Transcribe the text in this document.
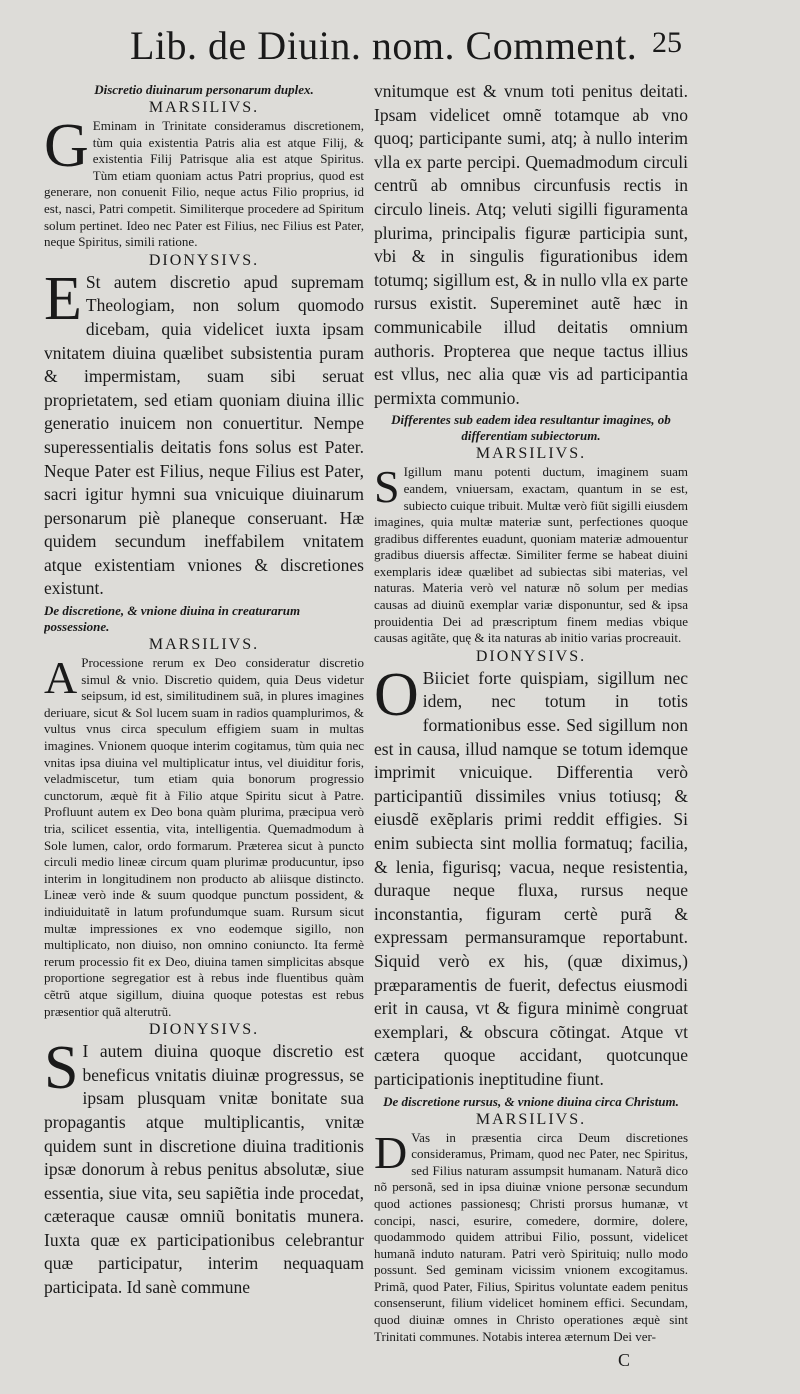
Lib. de Diuin. nom. Comment. 25

Discretio diuinarum personarum duplex.

MARSILIVS.

G Eminam in Trinitate consideramus discretionem, tùm quia existentia Patris alia est atque Filij, & existentia Filij Patrisque alia est atque Spiritus. Tùm etiam quoniam actus Patri proprius, quod est generare, non conuenit Filio, neque actus Filio proprius, id est, nasci, Patri competit. Similiterque procedere ad Spiritum solum pertinet. Ideo nec Pater est Filius, nec Filius est Pater, neque Spiritus, simili ratione.

DIONYSIVS.

E St autem discretio apud supremam Theologiam, non solum quomodo dicebam, quia videlicet iuxta ipsam vnitatem diuina quælibet subsistentia puram & impermistam, suam sibi seruat proprietatem, sed etiam quoniam diuina illic generatio inuicem non conuertitur. Nempe superessentialis deitatis fons solus est Pater. Neque Pater est Filius, neque Filius est Pater, sacri igitur hymni sua vnicuique diuinarum personarum piè planeque conseruant. Hæ quidem secundum ineffabilem vnitatem atque existentiam vniones & discretiones existunt.

De discretione, & vnione diuina in creaturarum possessione.

MARSILIVS.

A Processione rerum ex Deo consideratur discretio simul & vnio. Discretio quidem, quia Deus videtur seipsum, id est, similitudinem suã, in plures imagines deriuare, sicut & Sol lucem suam in radios quamplurimos, & vultus vnus circa speculum effigiem suam in multas imagines. Vnionem quoque interim cogitamus, tùm quia nec vnitas ipsa diuina vel multiplicatur intus, vel diuiditur foris, veladmiscetur, tum etiam quia bonorum progressio cunctorum, æquè fit à Filio atque Spiritu sicut à Patre. Profluunt autem ex Deo bona quàm plurima, præcipua verò tria, scilicet essentia, vita, intelligentia. Quemadmodum à Sole lumen, calor, ordo formarum. Præterea sicut à puncto circuli medio lineæ circum quam plurimæ producuntur, ipso interim in longitudinem non producto ab aliisque distincto. Lineæ verò inde & suum quodque punctum possident, & indiuiduitatẽ in latum profundumque suam. Rursum sicut multæ impressiones ex vno eodemque sigillo, non multiplicato, non diuiso, non omnino coniuncto. Ita fermè rerum processio fit ex Deo, diuina tamen simplicitas absque proportione segregatior est à rebus inde fluentibus quàm cẽtrũ atque sigillum, diuina quoque potestas est rebus præsentior quã alterutrũ.

DIONYSIVS.

S I autem diuina quoque discretio est beneficus vnitatis diuinæ progressus, se ipsam plusquam vnitæ bonitate sua propagantis atque multiplicantis, vnitæ quidem sunt in discretione diuina traditionis ipsæ donorum à rebus penitus absolutæ, siue essentia, siue vita, seu sapiẽtia inde procedat, cæteraque causæ omniũ bonitatis munera. Iuxta quæ ex participationibus celebrantur quæ participatur, interim nequaquam participata. Id sanè commune

vnitumque est & vnum toti penitus deitati. Ipsam videlicet omnẽ totamque ab vno quoq; participante sumi, atq; à nullo interim vlla ex parte percipi. Quemadmodum circuli centrũ ab omnibus circunfusis rectis in circulo lineis. Atq; veluti sigilli figuramenta plurima, principalis figuræ participia sunt, vbi & in singulis figurationibus idem totumq; sigillum est, & in nullo vlla ex parte rursus existit. Supereminet autẽ hæc in communicabile illud deitatis omnium authoris. Propterea que neque tactus illius est vllus, nec alia quæ vis ad participantia permixta communio.

Differentes sub eadem idea resultantur imagines, ob differentiam subiectorum.

MARSILIVS.

S Igillum manu potenti ductum, imaginem suam eandem, vniuersam, exactam, quantum in se est, subiecto cuique tribuit. Multæ verò fiũt sigilli eiusdem imagines, quia multæ materiæ sunt, perfectiones quoque gradibus differentes euadunt, quoniam materiæ admouentur gradibus diuersis affectæ. Similiter ferme se habeat diuini exemplaris ideæ quælibet ad subiectas sibi materias, vel naturas. Materia verò vel naturæ nõ solum per medias causas ad diuinũ exemplar variæ disponuntur, sed & ipsa prouidentia Dei ad præscriptum finem medias vbique causas agitãte, quę & ita naturas ab initio varias procreauit.

DIONYSIVS.

O Biiciet forte quispiam, sigillum nec idem, nec totum in totis formationibus esse. Sed sigillum non est in causa, illud namque se totum idemque imprimit vnicuique. Differentia verò participantiũ dissimiles vnius totiusq; & eiusdẽ exẽplaris primi reddit effigies. Si enim subiecta sint mollia formatuq; facilia, & lenia, figurisq; vacua, neque resistentia, duraque neque fluxa, rursus neque inconstantia, figuram certè purã & expressam permansuramque reportabunt. Siquid verò ex his, (quæ diximus,) præparamentis de fuerit, defectus eiusmodi erit in causa, vt & figura minimè congruat exemplari, & obscura cõtingat. Atque vt cætera quoque accidant, quotcunque participationis ineptitudine fiunt.

De discretione rursus, & vnione diuina circa Christum.

MARSILIVS.

D Vas in præsentia circa Deum discretiones consideramus, Primam, quod nec Pater, nec Spiritus, sed Filius naturam assumpsit humanam. Naturã dico nõ personã, sed in ipsa diuinæ vnione personæ secundum quod actiones passionesq; Christi prorsus humanæ, vt concipi, nasci, esurire, comedere, dormire, dolere, quodammodo quidem attribui Filio, possunt, videlicet humanã induto naturam. Patri verò Spirituiq; nullo modo possunt. Sed geminam vicissim vnionem excogitamus. Primã, quod Pater, Filius, Spiritus voluntate eadem penitus consenserunt, filium videlicet hominem effici. Secundam, quod diuinæ omnes in Christo operationes æquè sint Trinitati communes. Notabis interea æternum Dei ver-

C
